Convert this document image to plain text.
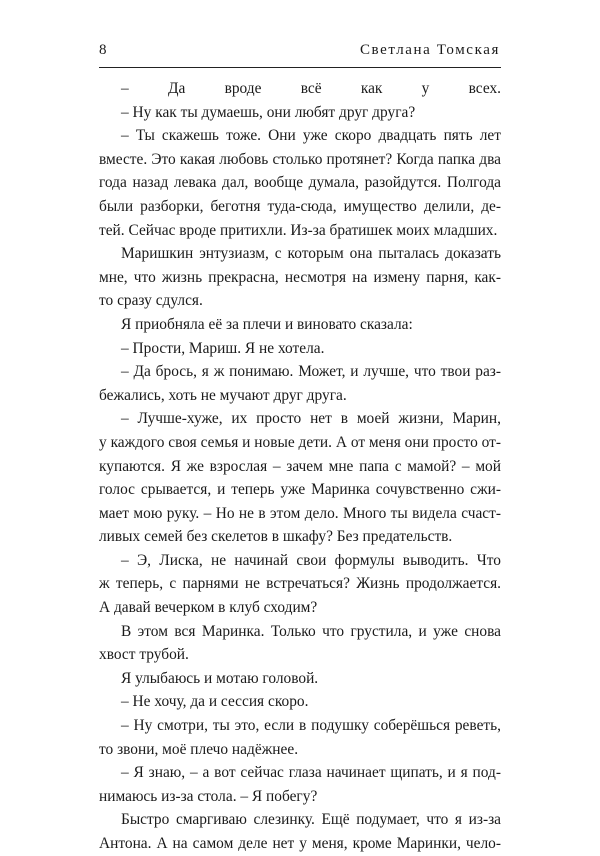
8	Светлана Томская
– Да вроде всё как у всех.
– Ну как ты думаешь, они любят друг друга?
– Ты скажешь тоже. Они уже скоро двадцать пять лет
вместе. Это какая любовь столько протянет? Когда папка два
года назад левака дал, вообще думала, разойдутся. Полгода
были разборки, беготня туда-сюда, имущество делили, де-
тей. Сейчас вроде притихли. Из-за братишек моих младших.
Маришкин энтузиазм, с которым она пыталась доказать
мне, что жизнь прекрасна, несмотря на измену парня, как-
то сразу сдулся.
Я приобняла её за плечи и виновато сказала:
– Прости, Мариш. Я не хотела.
– Да брось, я ж понимаю. Может, и лучше, что твои раз-
бежались, хоть не мучают друг друга.
– Лучше-хуже, их просто нет в моей жизни, Марин,
у каждого своя семья и новые дети. А от меня они просто от-
купаются. Я же взрослая – зачем мне папа с мамой? – мой
голос срывается, и теперь уже Маринка сочувственно сжи-
мает мою руку. – Но не в этом дело. Много ты видела счаст-
ливых семей без скелетов в шкафу? Без предательств.
– Э, Лиска, не начинай свои формулы выводить. Что
ж теперь, с парнями не встречаться? Жизнь продолжается.
А давай вечерком в клуб сходим?
В этом вся Маринка. Только что грустила, и уже снова
хвост трубой.
Я улыбаюсь и мотаю головой.
– Не хочу, да и сессия скоро.
– Ну смотри, ты это, если в подушку соберёшься реветь,
то звони, моё плечо надёжнее.
– Я знаю, – а вот сейчас глаза начинает щипать, и я под-
нимаюсь из-за стола. – Я побегу?
Быстро смаргиваю слезинку. Ещё подумает, что я из-за
Антона. А на самом деле нет у меня, кроме Маринки, чело-
